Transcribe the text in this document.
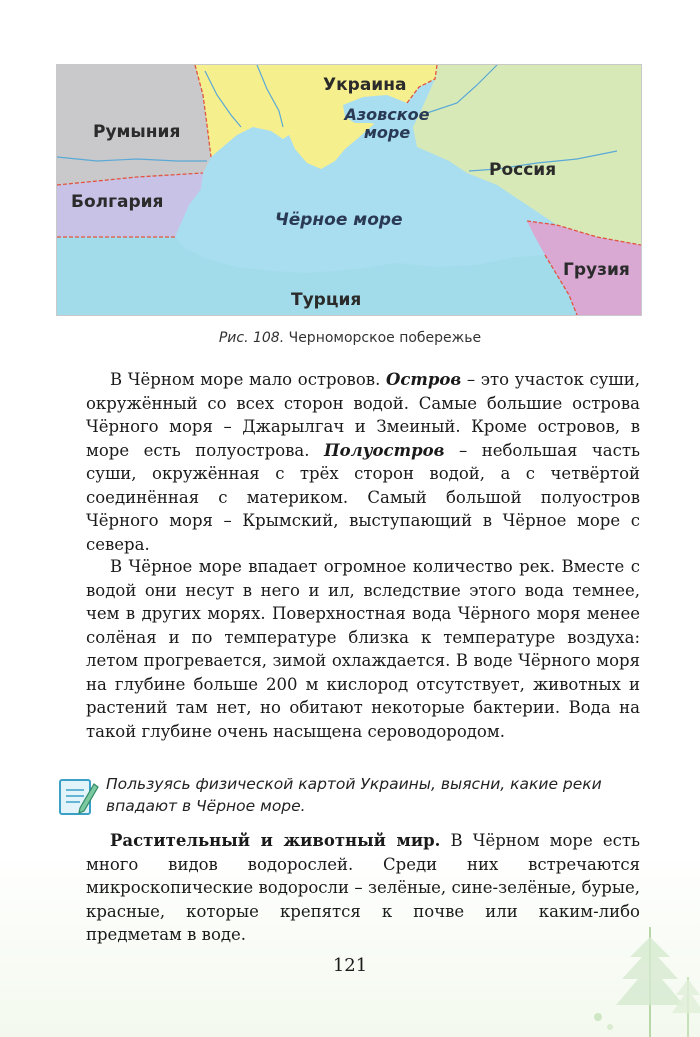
Украина
Азовское
море
Румыния
Россия
Болгария
Чёрное море
Грузия
Турция
Рис. 108. Черноморское побережье

В Чёрном море мало островов. Остров – это участок суши, окружённый со всех сторон водой. Самые большие острова Чёрного моря – Джарылгач и Змеиный. Кроме островов, в море есть полуострова. Полуостров – небольшая часть суши, окружённая с трёх сторон водой, а с четвёртой соединённая с материком. Самый большой полуостров Чёрного моря – Крымский, выступающий в Чёрное море с севера.

В Чёрное море впадает огромное количество рек. Вместе с водой они несут в него и ил, вследствие этого вода темнее, чем в других морях. Поверхностная вода Чёрного моря менее солёная и по температуре близка к температуре воздуха: летом прогревается, зимой охлаждается. В воде Чёрного моря на глубине больше 200 м кислород отсутствует, животных и растений там нет, но обитают некоторые бактерии. Вода на такой глубине очень насыщена сероводородом.

Пользуясь физической картой Украины, выясни, какие реки впадают в Чёрное море.

Растительный и животный мир. В Чёрном море есть много видов водорослей. Среди них встречаются микроскопические водоросли – зелёные, сине-зелёные, бурые, красные, которые крепятся к почве или каким-либо предметам в воде.

121
